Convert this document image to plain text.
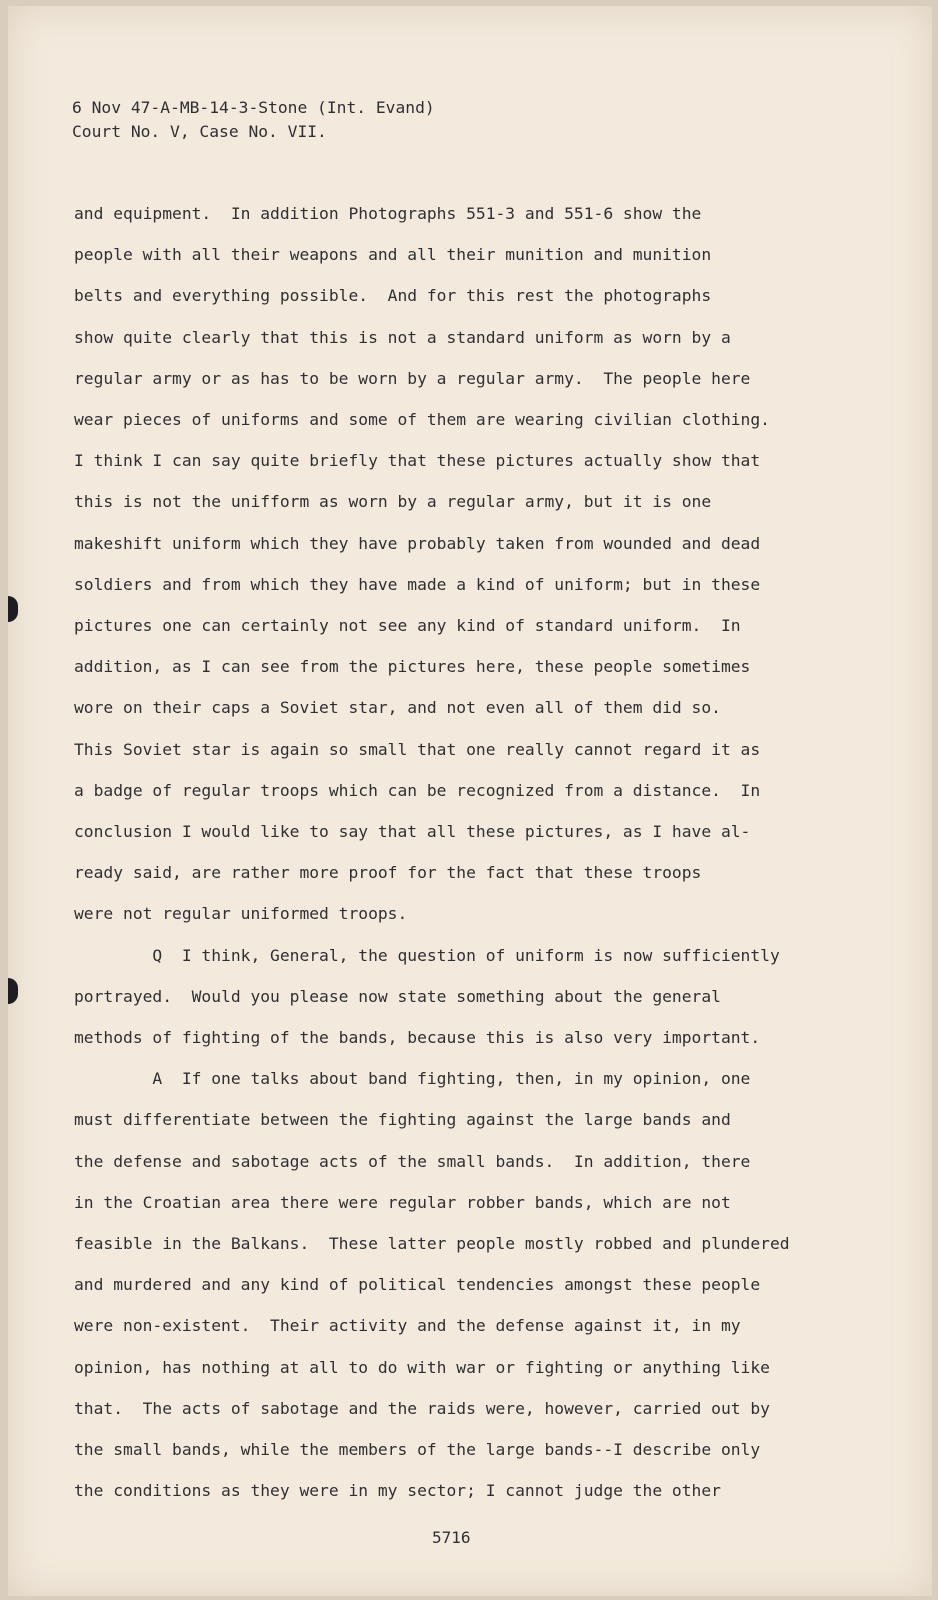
6 Nov 47-A-MB-14-3-Stone (Int. Evand)
Court No. V, Case No. VII.
and equipment.  In addition Photographs 551-3 and 551-6 show the
people with all their weapons and all their munition and munition
belts and everything possible.  And for this rest the photographs
show quite clearly that this is not a standard uniform as worn by a
regular army or as has to be worn by a regular army.  The people here
wear pieces of uniforms and some of them are wearing civilian clothing.
I think I can say quite briefly that these pictures actually show that
this is not the unifform as worn by a regular army, but it is one
makeshift uniform which they have probably taken from wounded and dead
soldiers and from which they have made a kind of uniform; but in these
pictures one can certainly not see any kind of standard uniform.  In
addition, as I can see from the pictures here, these people sometimes
wore on their caps a Soviet star, and not even all of them did so.
This Soviet star is again so small that one really cannot regard it as
a badge of regular troops which can be recognized from a distance.  In
conclusion I would like to say that all these pictures, as I have al-
ready said, are rather more proof for the fact that these troops
were not regular uniformed troops.
Q  I think, General, the question of uniform is now sufficiently
portrayed.  Would you please now state something about the general
methods of fighting of the bands, because this is also very important.
A  If one talks about band fighting, then, in my opinion, one
must differentiate between the fighting against the large bands and
the defense and sabotage acts of the small bands.  In addition, there
in the Croatian area there were regular robber bands, which are not
feasible in the Balkans.  These latter people mostly robbed and plundered
and murdered and any kind of political tendencies amongst these people
were non-existent.  Their activity and the defense against it, in my
opinion, has nothing at all to do with war or fighting or anything like
that.  The acts of sabotage and the raids were, however, carried out by
the small bands, while the members of the large bands--I describe only
the conditions as they were in my sector; I cannot judge the other
5716
